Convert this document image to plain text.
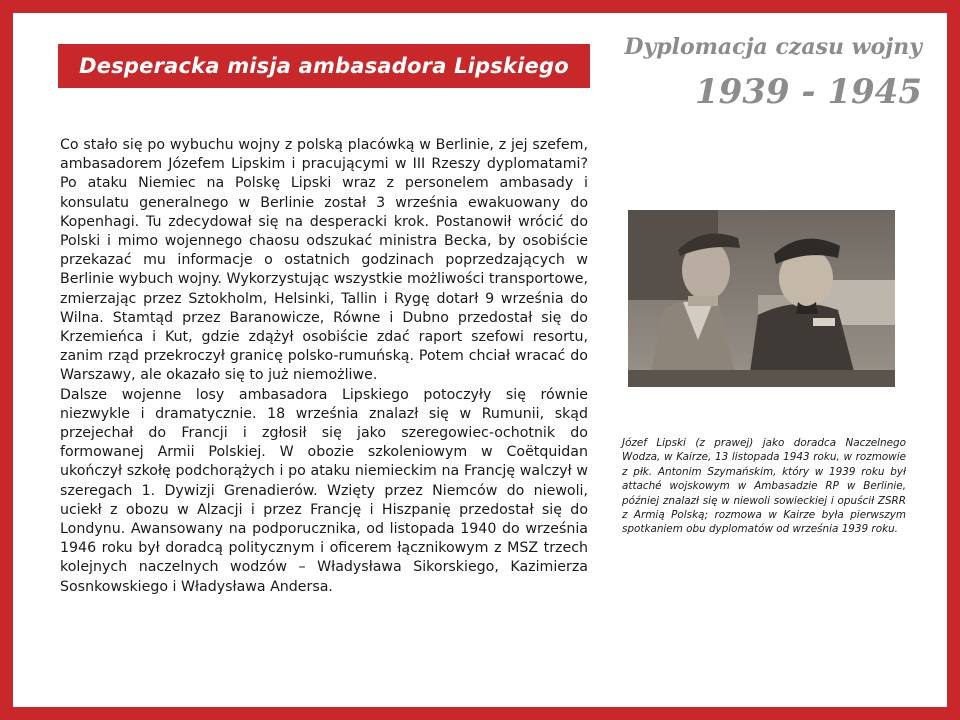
Desperacka misja ambasadora Lipskiego
Dyplomacja czasu wojny
1939 - 1945

Co stało się po wybuchu wojny z polską placówką w Berlinie, z jej szefem, ambasadorem Józefem Lipskim i pracującymi w III Rzeszy dyplomatami? Po ataku Niemiec na Polskę Lipski wraz z personelem ambasady i konsulatu generalnego w Berlinie został 3 września ewakuowany do Kopenhagi. Tu zdecydował się na desperacki krok. Postanowił wrócić do Polski i mimo wojennego chaosu odszukać ministra Becka, by osobiście przekazać mu informacje o ostatnich godzinach poprzedzających w Berlinie wybuch wojny. Wykorzystując wszystkie możliwości transportowe, zmierzając przez Sztokholm, Helsinki, Tallin i Rygę dotarł 9 września do Wilna. Stamtąd przez Baranowicze, Równe i Dubno przedostał się do Krzemieńca i Kut, gdzie zdążył osobiście zdać raport szefowi resortu, zanim rząd przekroczył granicę polsko-rumuńską. Potem chciał wracać do Warszawy, ale okazało się to już niemożliwe.

Dalsze wojenne losy ambasadora Lipskiego potoczyły się równie niezwykle i dramatycznie. 18 września znalazł się w Rumunii, skąd przejechał do Francji i zgłosił się jako szeregowiec-ochotnik do formowanej Armii Polskiej. W obozie szkoleniowym w Coëtquidan ukończył szkołę podchorążych i po ataku niemieckim na Francję walczył w szeregach 1. Dywizji Grenadierów. Wzięty przez Niemców do niewoli, uciekł z obozu w Alzacji i przez Francję i Hiszpanię przedostał się do Londynu. Awansowany na podporucznika, od listopada 1940 do września 1946 roku był doradcą politycznym i oficerem łącznikowym z MSZ trzech kolejnych naczelnych wodzów – Władysława Sikorskiego, Kazimierza Sosnkowskiego i Władysława Andersa.

Józef Lipski (z prawej) jako doradca Naczelnego Wodza, w Kairze, 13 listopada 1943 roku, w rozmowie z płk. Antonim Szymańskim, który w 1939 roku był attaché wojskowym w Ambasadzie RP w Berlinie, później znalazł się w niewoli sowieckiej i opuścił ZSRR z Armią Polską; rozmowa w Kairze była pierwszym spotkaniem obu dyplomatów od września 1939 roku.
